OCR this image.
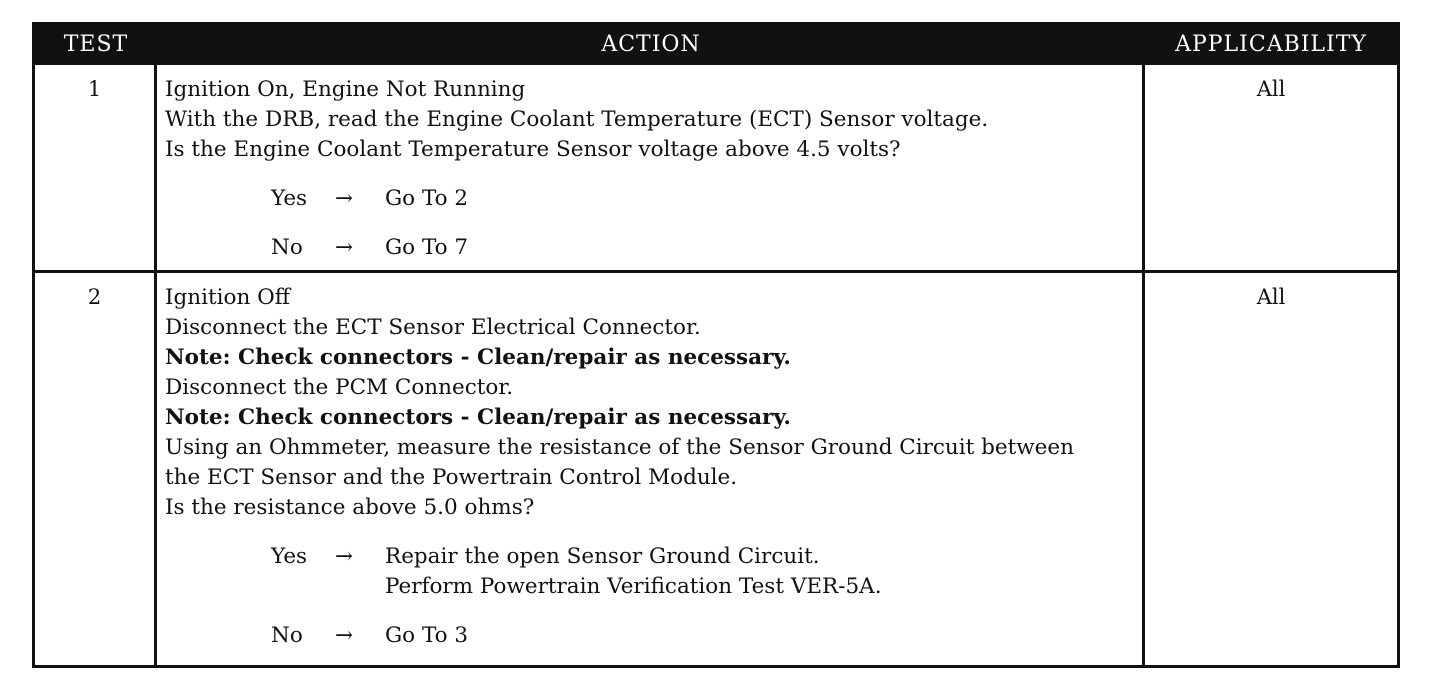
TEST	ACTION	APPLICABILITY
1	Ignition On, Engine Not Running
With the DRB, read the Engine Coolant Temperature (ECT) Sensor voltage.
Is the Engine Coolant Temperature Sensor voltage above 4.5 volts?
Yes → Go To 2
No → Go To 7
All
2	Ignition Off
Disconnect the ECT Sensor Electrical Connector.
Note: Check connectors - Clean/repair as necessary.
Disconnect the PCM Connector.
Note: Check connectors - Clean/repair as necessary.
Using an Ohmmeter, measure the resistance of the Sensor Ground Circuit between
the ECT Sensor and the Powertrain Control Module.
Is the resistance above 5.0 ohms?
Yes → Repair the open Sensor Ground Circuit.
Perform Powertrain Verification Test VER-5A.
No → Go To 3
All
